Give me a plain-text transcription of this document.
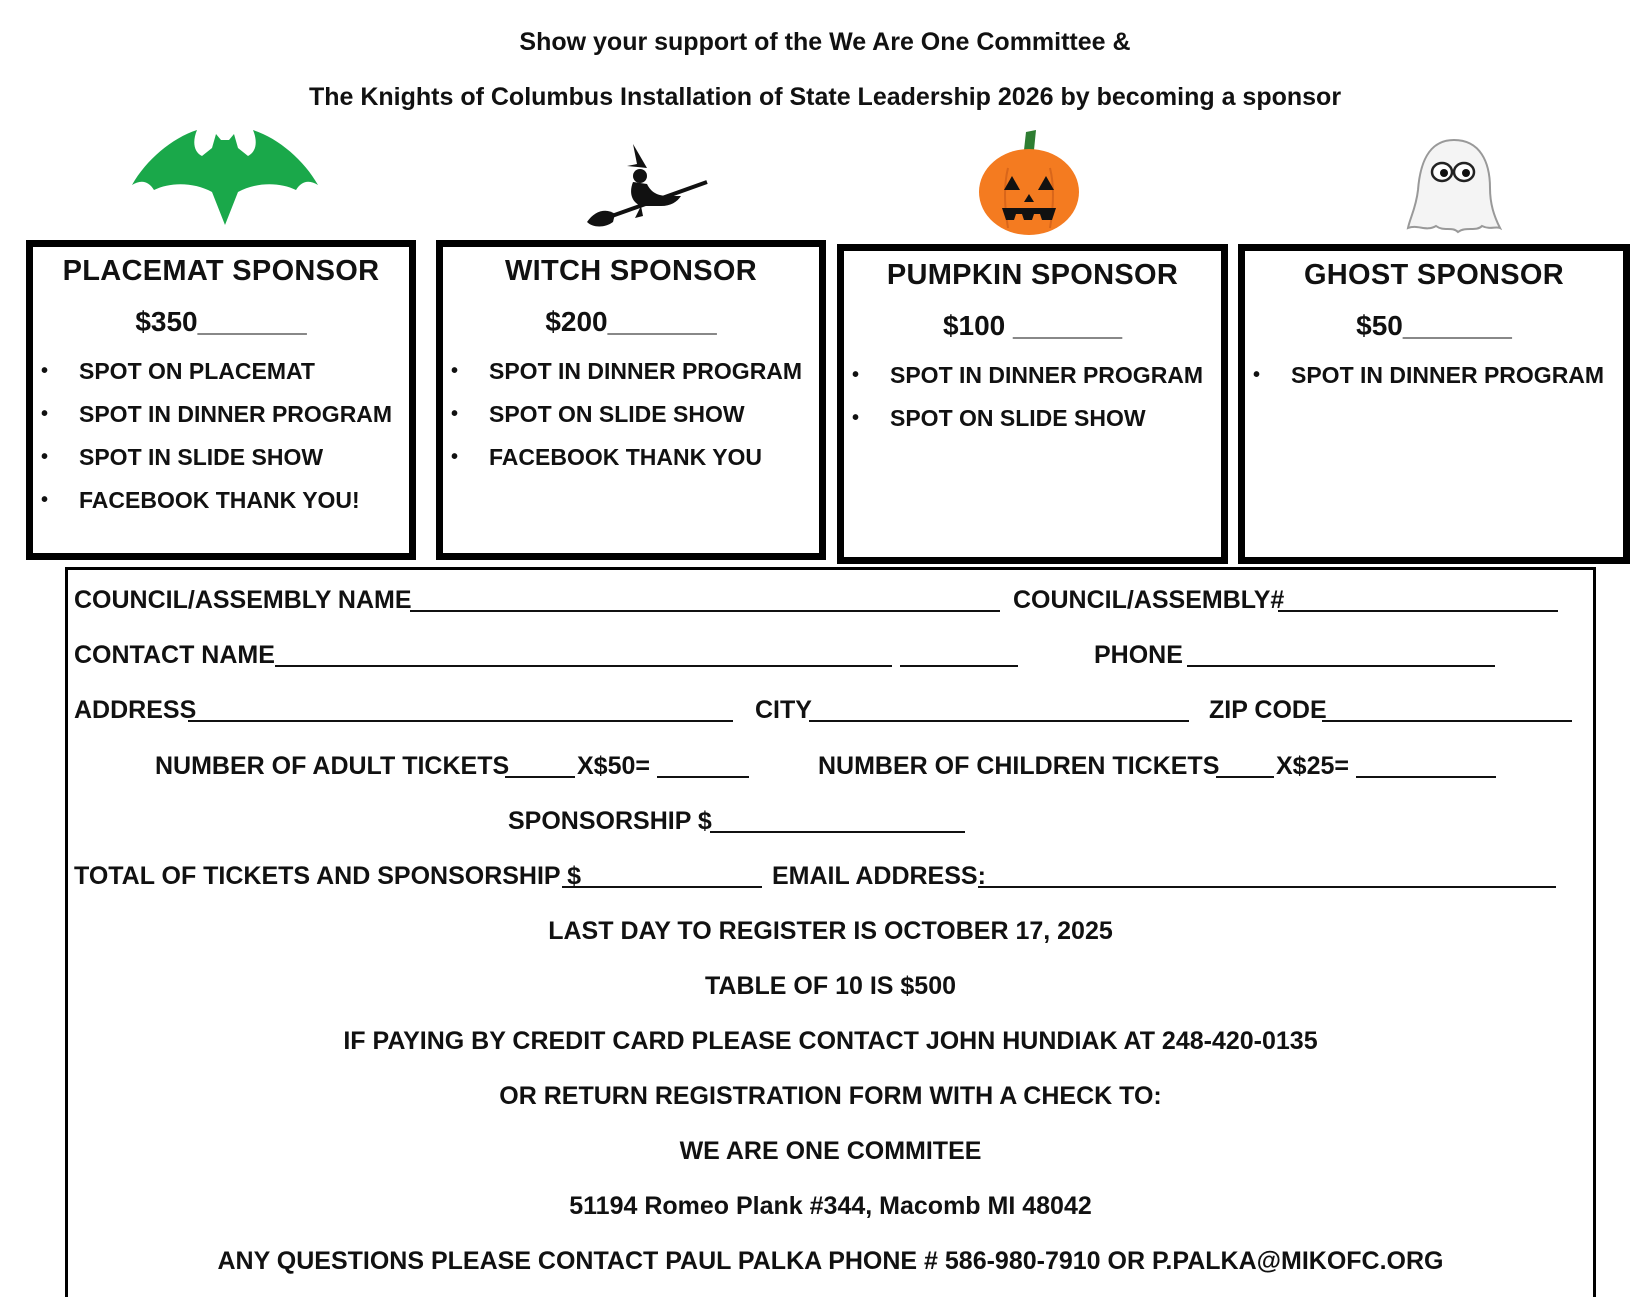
Show your support of the We Are One Committee &
The Knights of Columbus Installation of State Leadership 2026 by becoming a sponsor
PLACEMAT SPONSOR
$350_______
• SPOT ON PLACEMAT
• SPOT IN DINNER PROGRAM
• SPOT IN SLIDE SHOW
• FACEBOOK THANK YOU!
WITCH SPONSOR
$200_______
• SPOT IN DINNER PROGRAM
• SPOT ON SLIDE SHOW
• FACEBOOK THANK YOU
PUMPKIN SPONSOR
$100 _______
• SPOT IN DINNER PROGRAM
• SPOT ON SLIDE SHOW
GHOST SPONSOR
$50_______
• SPOT IN DINNER PROGRAM
COUNCIL/ASSEMBLY NAME	COUNCIL/ASSEMBLY#
CONTACT NAME	PHONE
ADDRESS	CITY	ZIP CODE
NUMBER OF ADULT TICKETS	X$50=	NUMBER OF CHILDREN TICKETS X$25=
SPONSORSHIP $
TOTAL OF TICKETS AND SPONSORSHIP $	EMAIL ADDRESS:
LAST DAY TO REGISTER IS OCTOBER 17, 2025
TABLE OF 10 IS $500
IF PAYING BY CREDIT CARD PLEASE CONTACT JOHN HUNDIAK AT 248-420-0135
OR RETURN REGISTRATION FORM WITH A CHECK TO:
WE ARE ONE COMMITEE
51194 Romeo Plank #344, Macomb MI 48042
ANY QUESTIONS PLEASE CONTACT PAUL PALKA PHONE # 586-980-7910 OR P.PALKA@MIKOFC.ORG
